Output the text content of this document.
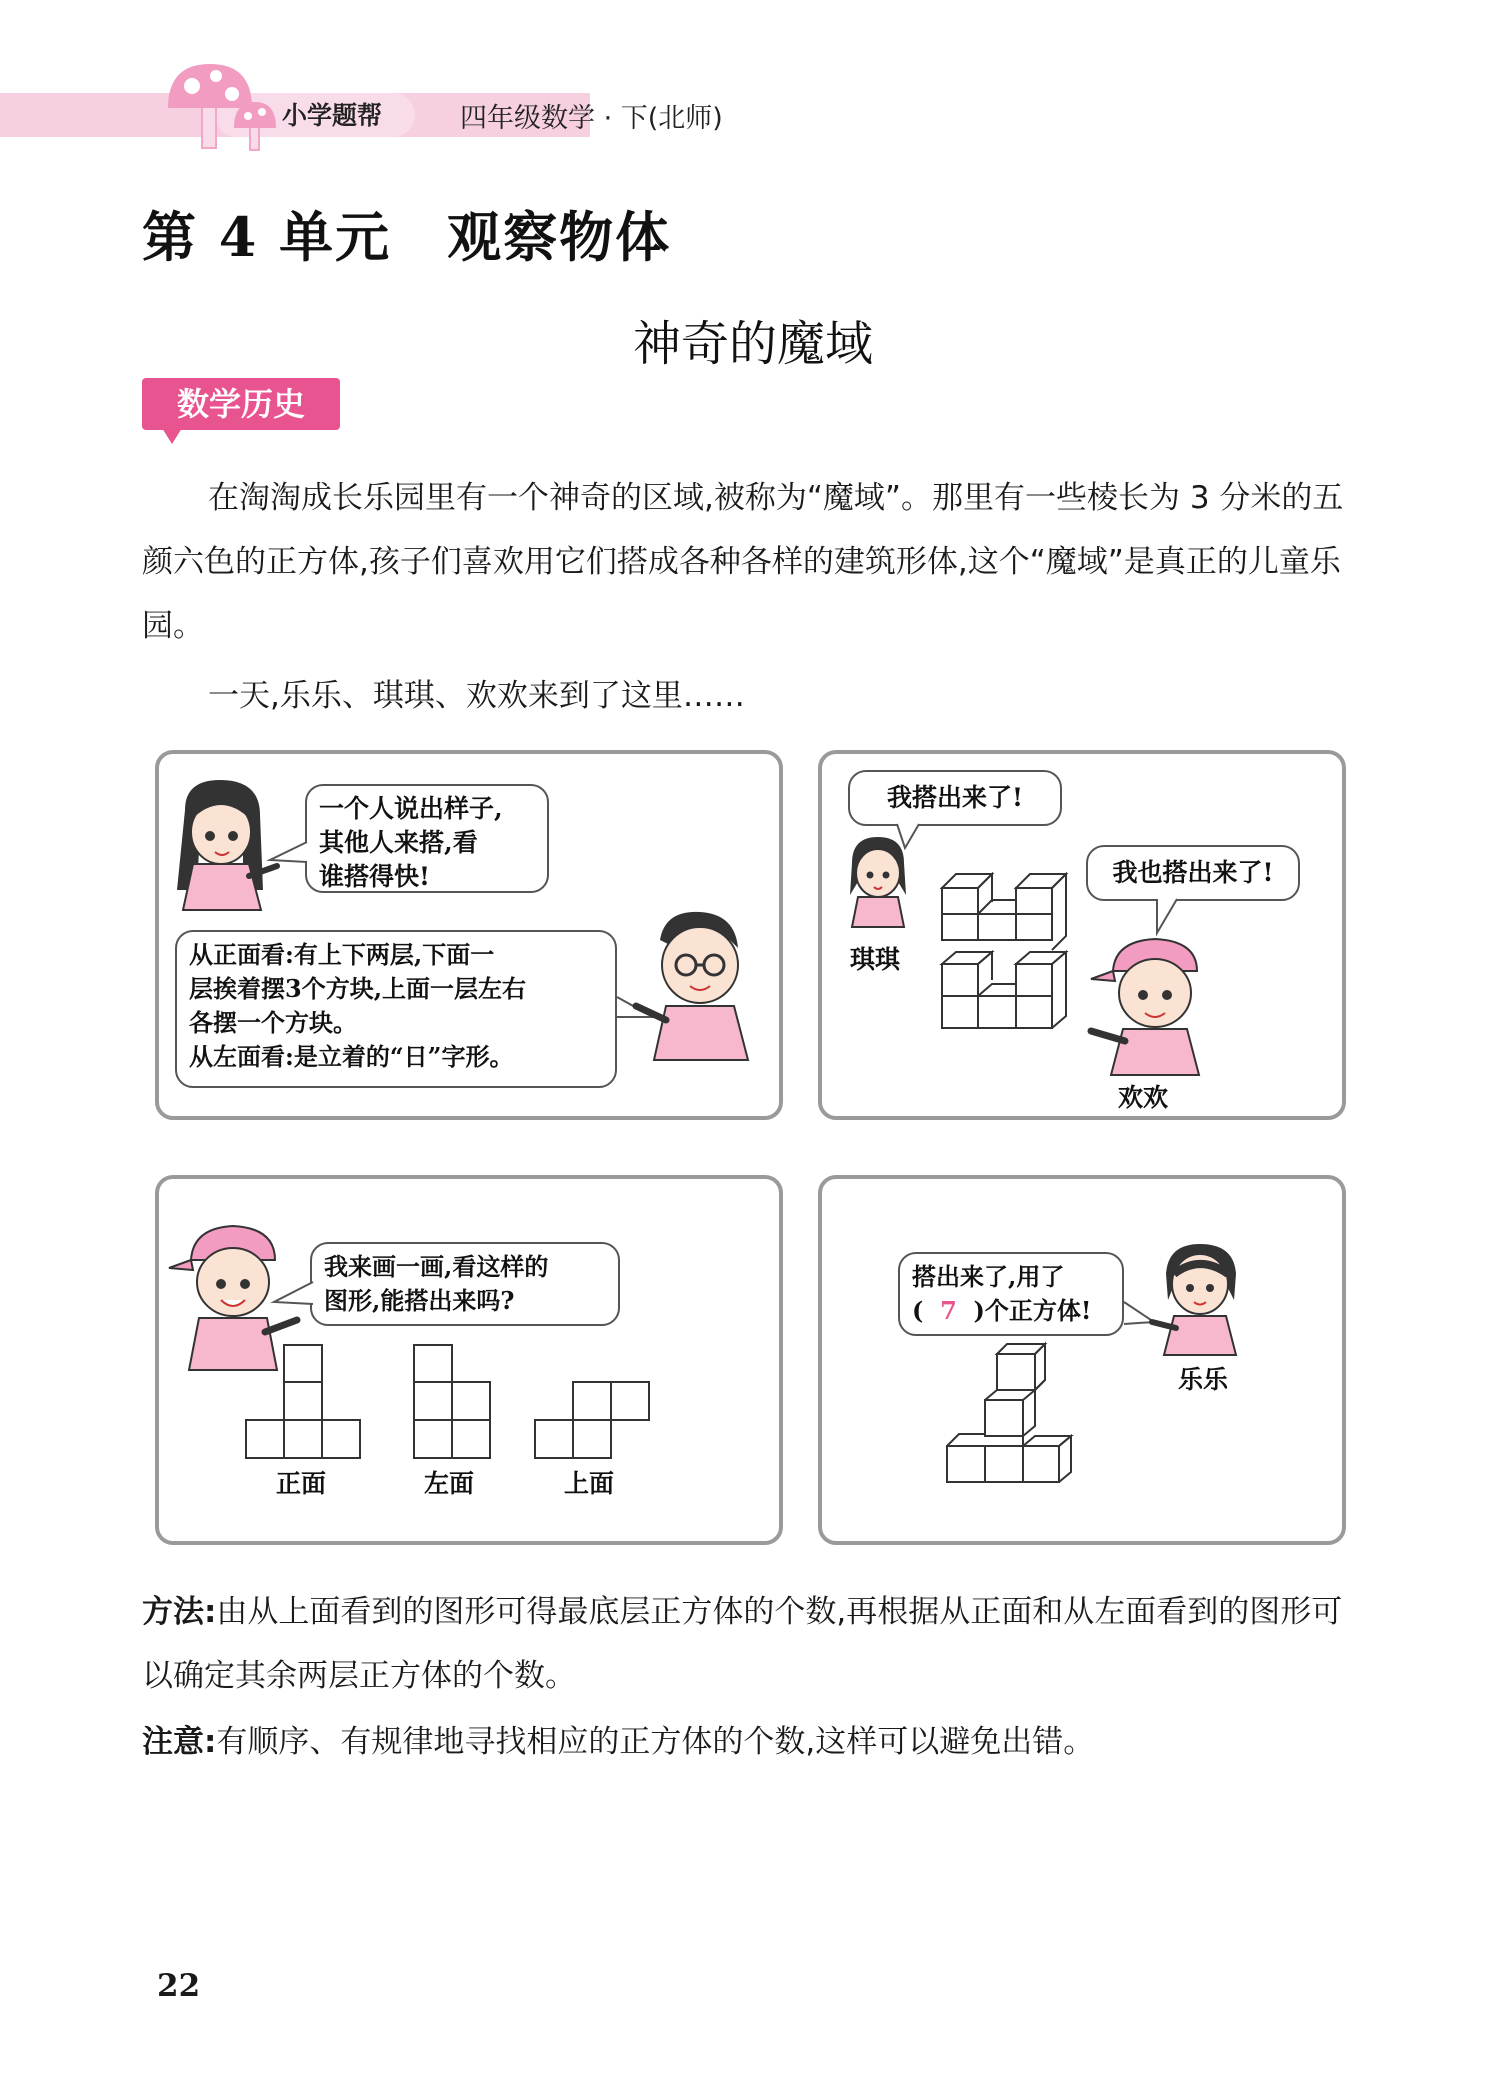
小学题帮	四年级数学 · 下(北师)
第 4 单元　观察物体
神奇的魔域
数学历史
在淘淘成长乐园里有一个神奇的区域,被称为“魔域”。那里有一些棱长为 3 分米的五颜六色的正方体,孩子们喜欢用它们搭成各种各样的建筑形体,这个“魔域”是真正的儿童乐园。
一天,乐乐、琪琪、欢欢来到了这里……
一个人说出样子,
其他人来搭,看
谁搭得快!
从正面看:有上下两层,下面一
层挨着摆3个方块,上面一层左右
各摆一个方块。
从左面看:是立着的“日”字形。
我搭出来了!
琪琪
我也搭出来了!
欢欢
我来画一画,看这样的
图形,能搭出来吗?
正面	左面	上面
搭出来了,用了
( 7 )个正方体!
乐乐
方法:由从上面看到的图形可得最底层正方体的个数,再根据从正面和从左面看到的图形可以确定其余两层正方体的个数。
注意:有顺序、有规律地寻找相应的正方体的个数,这样可以避免出错。
22
